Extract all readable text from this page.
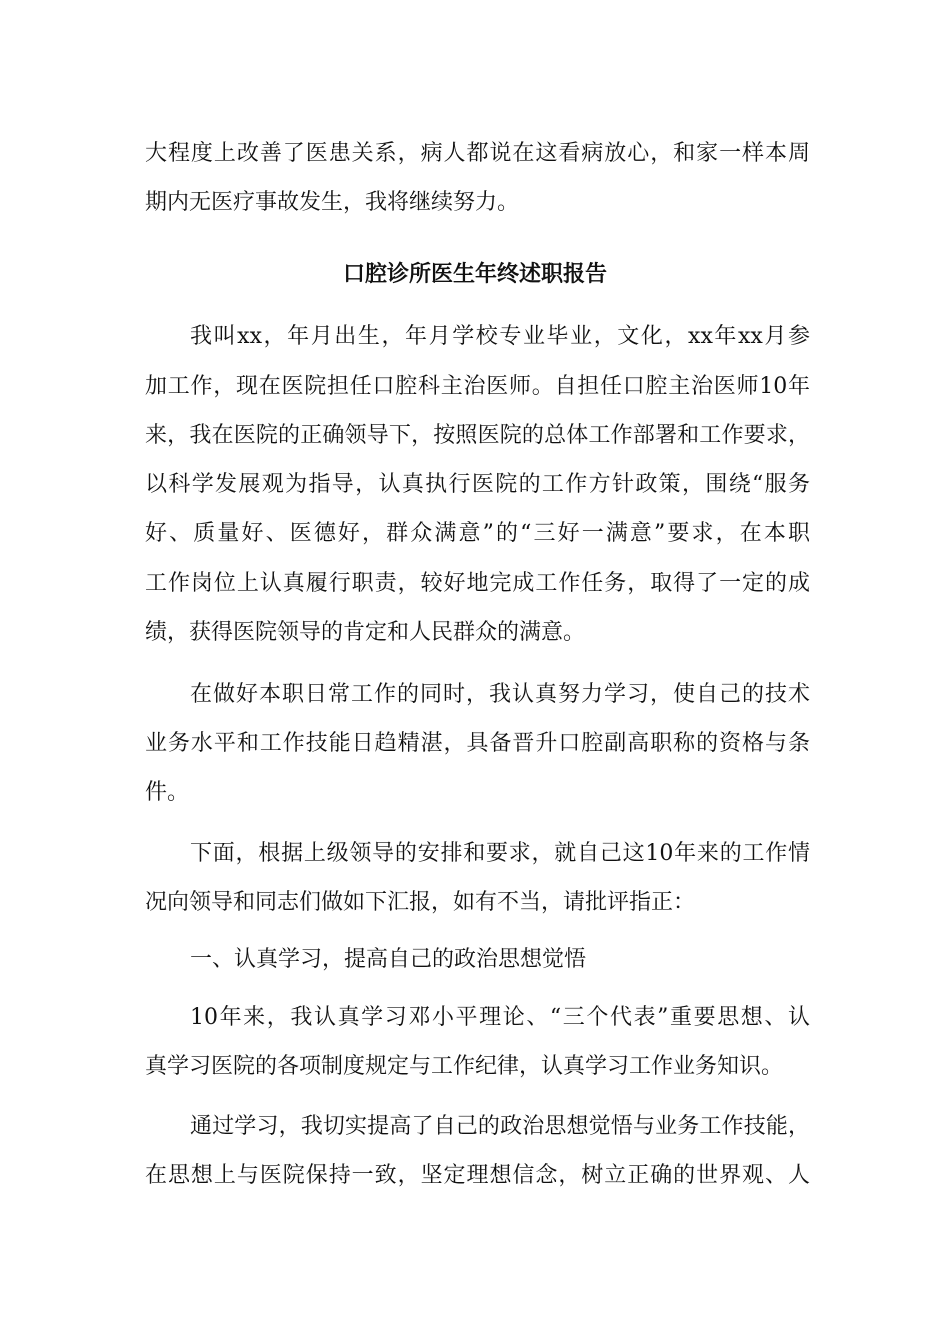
大程度上改善了医患关系，病人都说在这看病放心，和家一样本周
期内无医疗事故发生，我将继续努力。
口腔诊所医生年终述职报告
我叫xx，年月出生，年月学校专业毕业，文化，xx年xx月参
加工作，现在医院担任口腔科主治医师。自担任口腔主治医师10年
来，我在医院的正确领导下，按照医院的总体工作部署和工作要求，
以科学发展观为指导，认真执行医院的工作方针政策，围绕“服务
好、质量好、医德好，群众满意”的“三好一满意”要求，在本职
工作岗位上认真履行职责，较好地完成工作任务，取得了一定的成
绩，获得医院领导的肯定和人民群众的满意。
在做好本职日常工作的同时，我认真努力学习，使自己的技术
业务水平和工作技能日趋精湛，具备晋升口腔副高职称的资格与条
件。
下面，根据上级领导的安排和要求，就自己这10年来的工作情
况向领导和同志们做如下汇报，如有不当，请批评指正：
一、认真学习，提高自己的政治思想觉悟
10年来，我认真学习邓小平理论、“三个代表”重要思想、认
真学习医院的各项制度规定与工作纪律，认真学习工作业务知识。
通过学习，我切实提高了自己的政治思想觉悟与业务工作技能，
在思想上与医院保持一致，坚定理想信念，树立正确的世界观、人
